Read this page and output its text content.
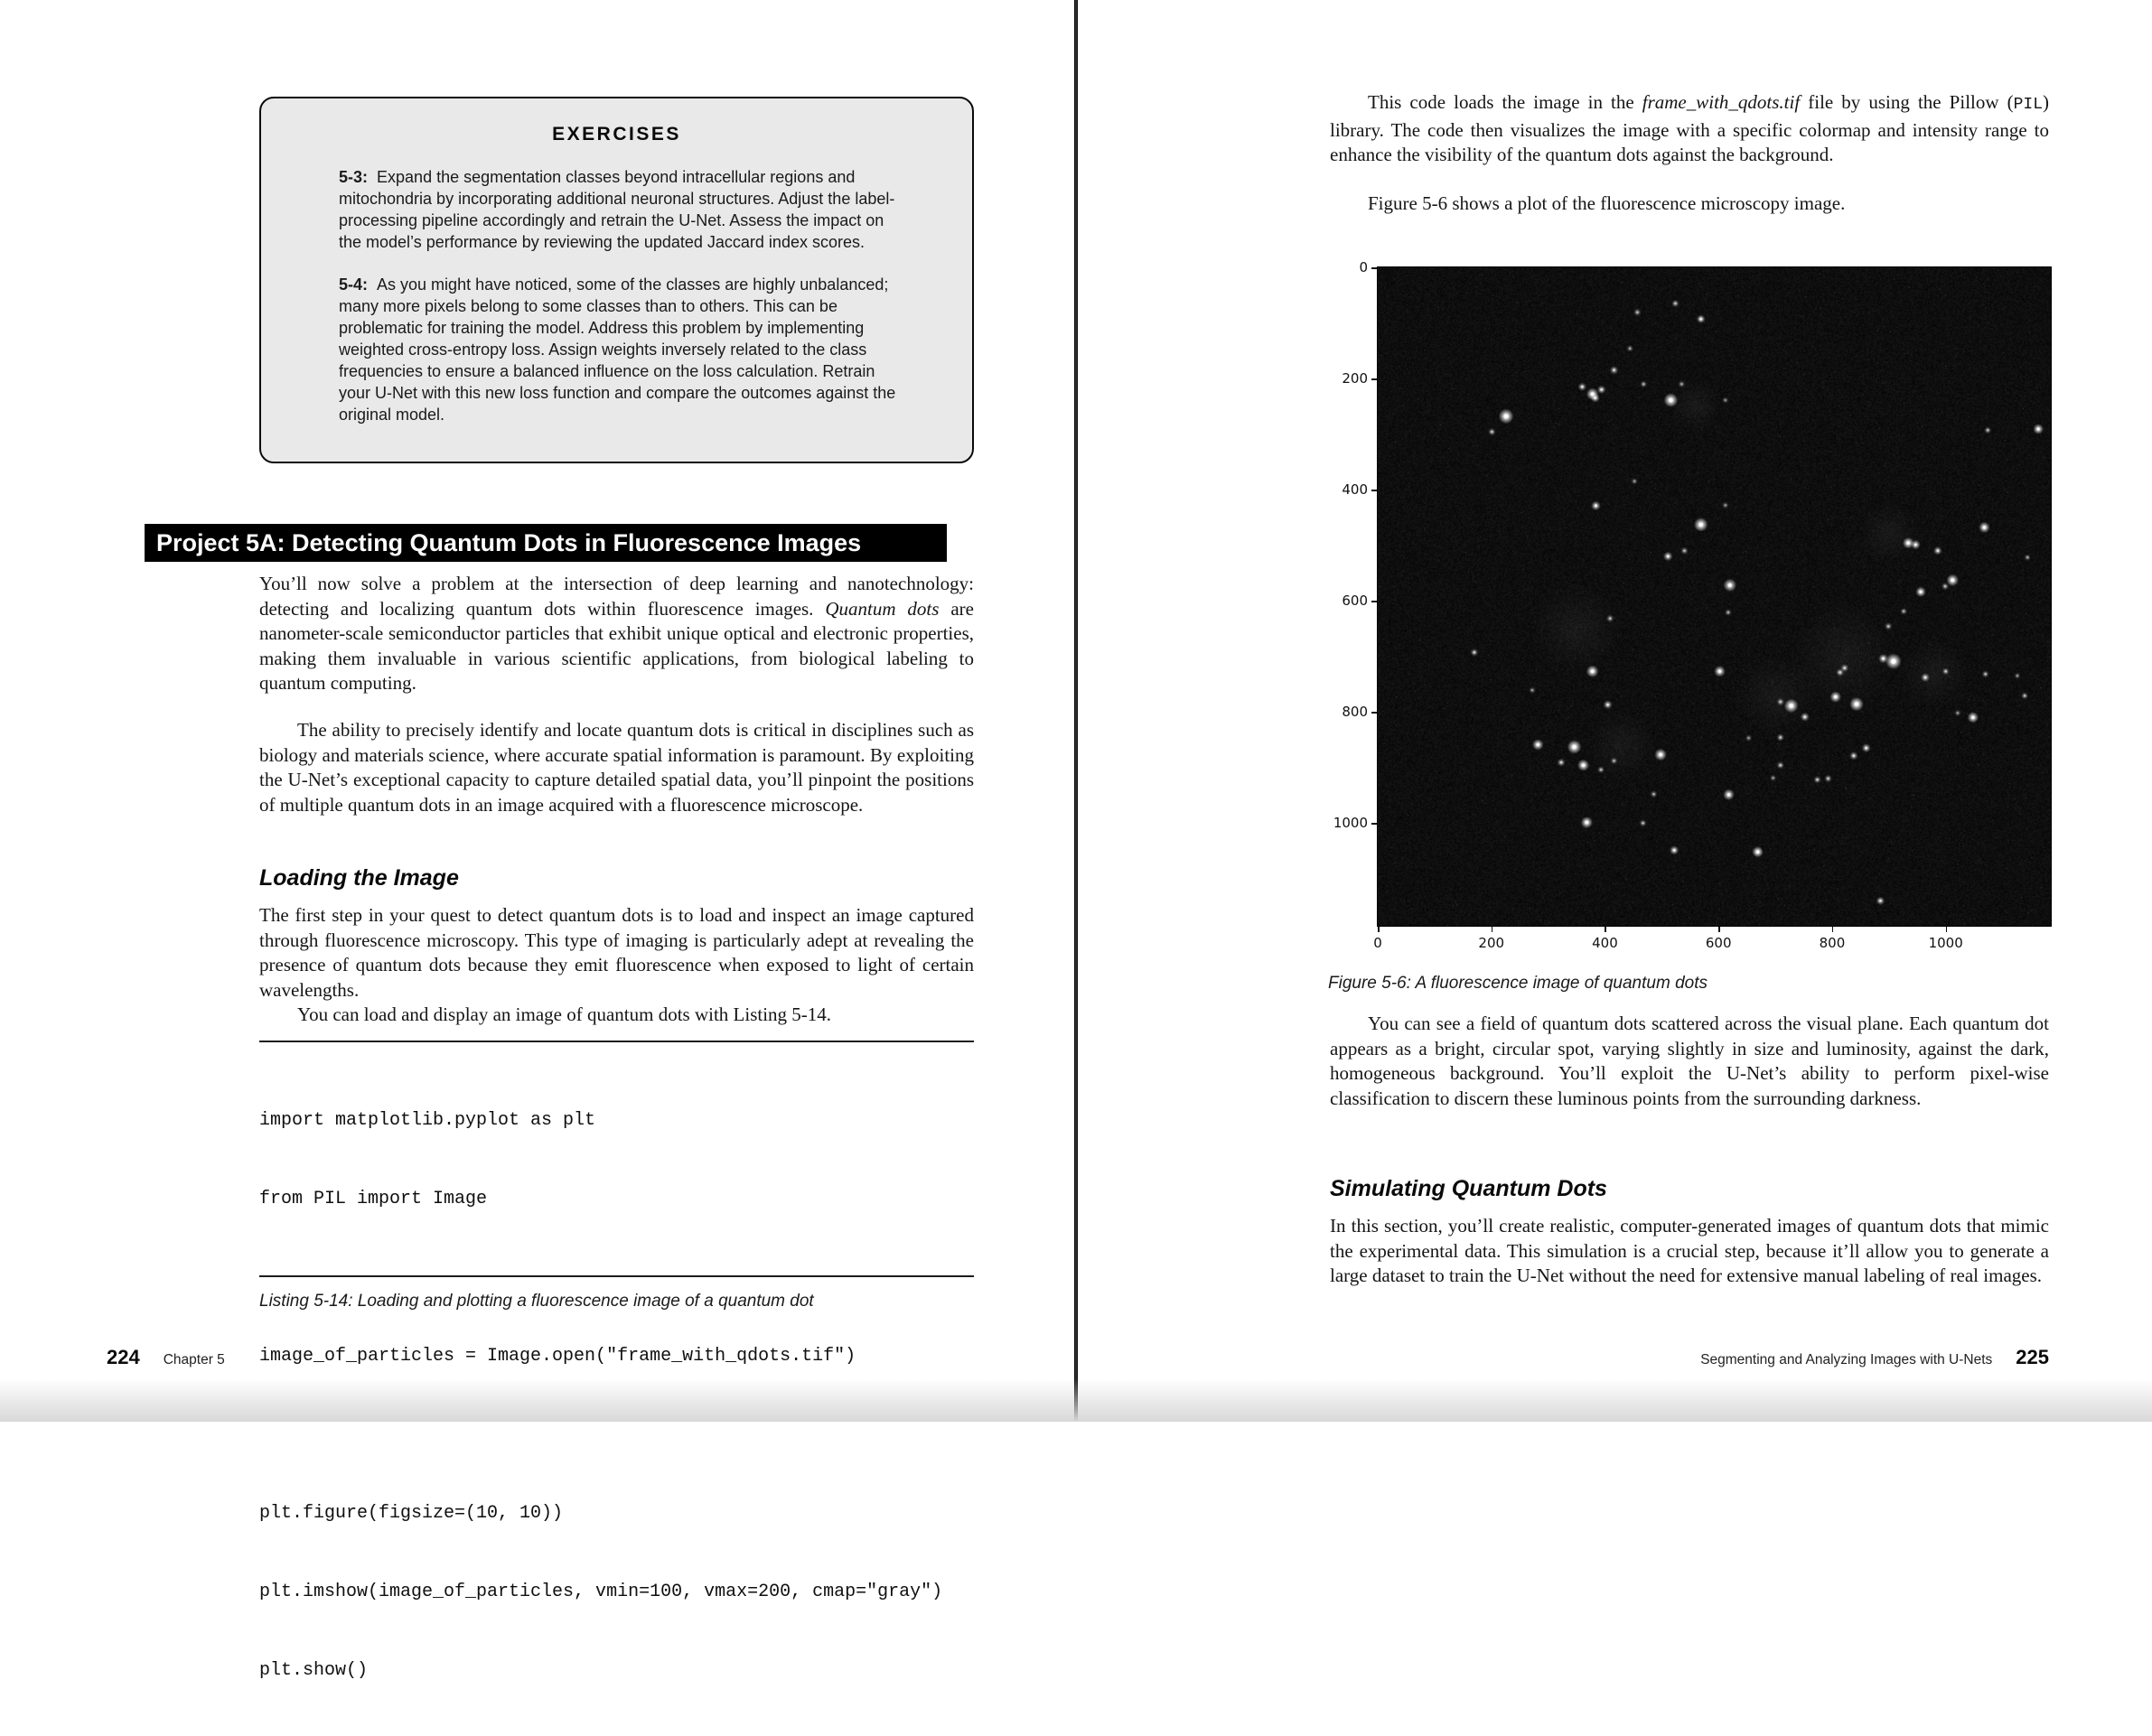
EXERCISES
5-3: Expand the segmentation classes beyond intracellular regions and mitochondria by incorporating additional neuronal structures. Adjust the label-processing pipeline accordingly and retrain the U-Net. Assess the impact on the model’s performance by reviewing the updated Jaccard index scores.
5-4: As you might have noticed, some of the classes are highly unbalanced; many more pixels belong to some classes than to others. This can be problematic for training the model. Address this problem by implementing weighted cross-entropy loss. Assign weights inversely related to the class frequencies to ensure a balanced influence on the loss calculation. Retrain your U-Net with this new loss function and compare the outcomes against the original model.
Project 5A: Detecting Quantum Dots in Fluorescence Images
You’ll now solve a problem at the intersection of deep learning and nanotechnology: detecting and localizing quantum dots within fluorescence images. Quantum dots are nanometer-scale semiconductor particles that exhibit unique optical and electronic properties, making them invaluable in various scientific applications, from biological labeling to quantum computing.
The ability to precisely identify and locate quantum dots is critical in disciplines such as biology and materials science, where accurate spatial information is paramount. By exploiting the U-Net’s exceptional capacity to capture detailed spatial data, you’ll pinpoint the positions of multiple quantum dots in an image acquired with a fluorescence microscope.
Loading the Image
The first step in your quest to detect quantum dots is to load and inspect an image captured through fluorescence microscopy. This type of imaging is particularly adept at revealing the presence of quantum dots because they emit fluorescence when exposed to light of certain wavelengths.
You can load and display an image of quantum dots with Listing 5-14.

import matplotlib.pyplot as plt

from PIL import Image

image_of_particles = Image.open("frame_with_qdots.tif")

plt.figure(figsize=(10, 10))

plt.imshow(image_of_particles, vmin=100, vmax=200, cmap="gray")

plt.show()

Listing 5-14: Loading and plotting a fluorescence image of a quantum dot
224 Chapter 5
This code loads the image in the frame_with_qdots.tif file by using the Pillow (PIL) library. The code then visualizes the image with a specific colormap and intensity range to enhance the visibility of the quantum dots against the background.
Figure 5-6 shows a plot of the fluorescence microscopy image.
Figure 5-6: A fluorescence image of quantum dots
You can see a field of quantum dots scattered across the visual plane. Each quantum dot appears as a bright, circular spot, varying slightly in size and luminosity, against the dark, homogeneous background. You’ll exploit the U-Net’s ability to perform pixel-wise classification to discern these luminous points from the surrounding darkness.
Simulating Quantum Dots
In this section, you’ll create realistic, computer-generated images of quantum dots that mimic the experimental data. This simulation is a crucial step, because it’ll allow you to generate a large dataset to train the U-Net without the need for extensive manual labeling of real images.
Segmenting and Analyzing Images with U-Nets 225
0
200
400
600
800
1000
0	200	400	600	800	1000
